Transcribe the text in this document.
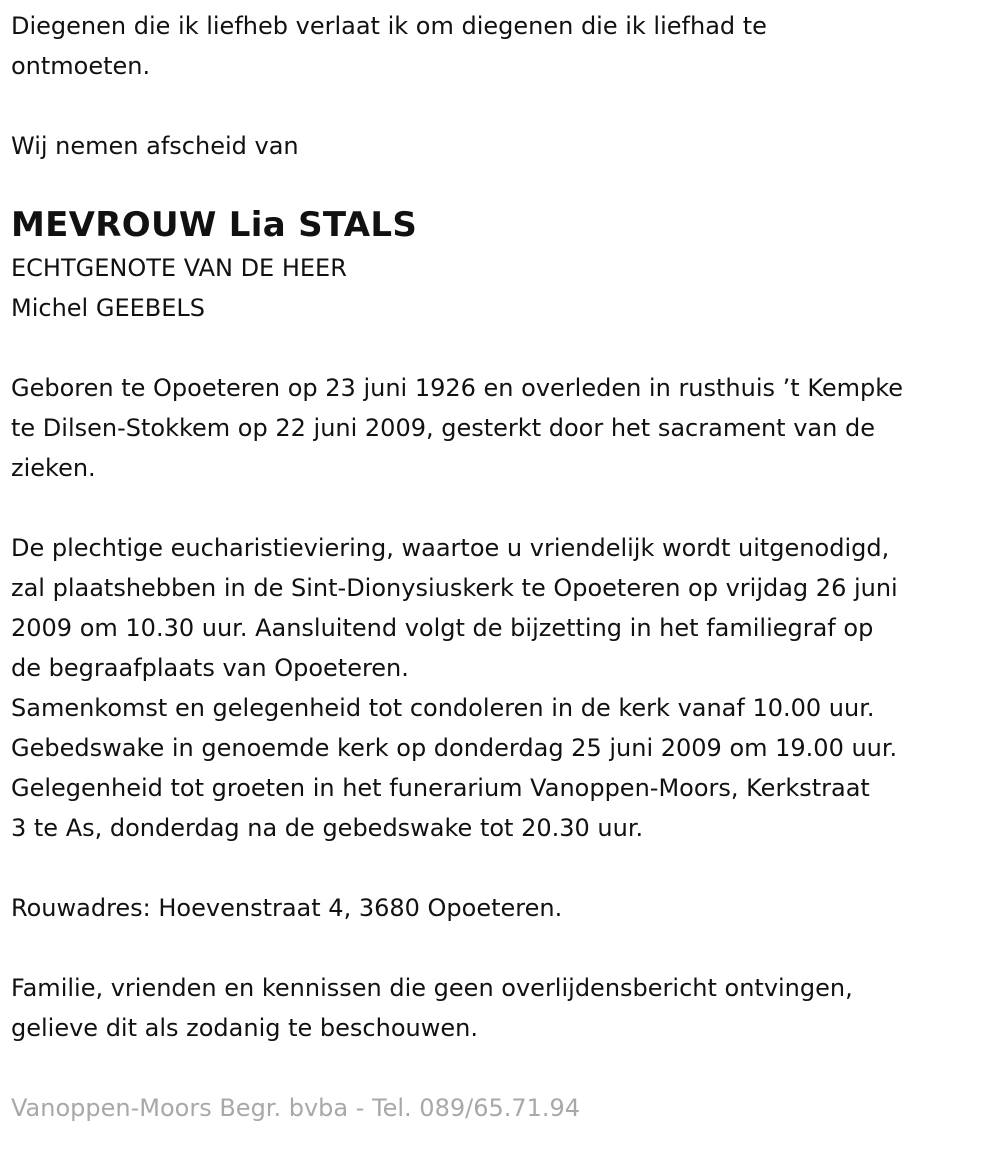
Diegenen die ik liefheb verlaat ik om diegenen die ik liefhad te

ontmoeten.

Wij nemen afscheid van

MEVROUW Lia STALS

ECHTGENOTE VAN DE HEER

Michel GEEBELS

Geboren te Opoeteren op 23 juni 1926 en overleden in rusthuis ’t Kempke

te Dilsen-Stokkem op 22 juni 2009, gesterkt door het sacrament van de

zieken.

De plechtige eucharistieviering, waartoe u vriendelijk wordt uitgenodigd,

zal plaatshebben in de Sint-Dionysiuskerk te Opoeteren op vrijdag 26 juni

2009 om 10.30 uur. Aansluitend volgt de bijzetting in het familiegraf op

de begraafplaats van Opoeteren.

Samenkomst en gelegenheid tot condoleren in de kerk vanaf 10.00 uur.

Gebedswake in genoemde kerk op donderdag 25 juni 2009 om 19.00 uur.

Gelegenheid tot groeten in het funerarium Vanoppen-Moors, Kerkstraat

3 te As, donderdag na de gebedswake tot 20.30 uur.

Rouwadres: Hoevenstraat 4, 3680 Opoeteren.

Familie, vrienden en kennissen die geen overlijdensbericht ontvingen,

gelieve dit als zodanig te beschouwen.

Vanoppen-Moors Begr. bvba - Tel. 089/65.71.94
